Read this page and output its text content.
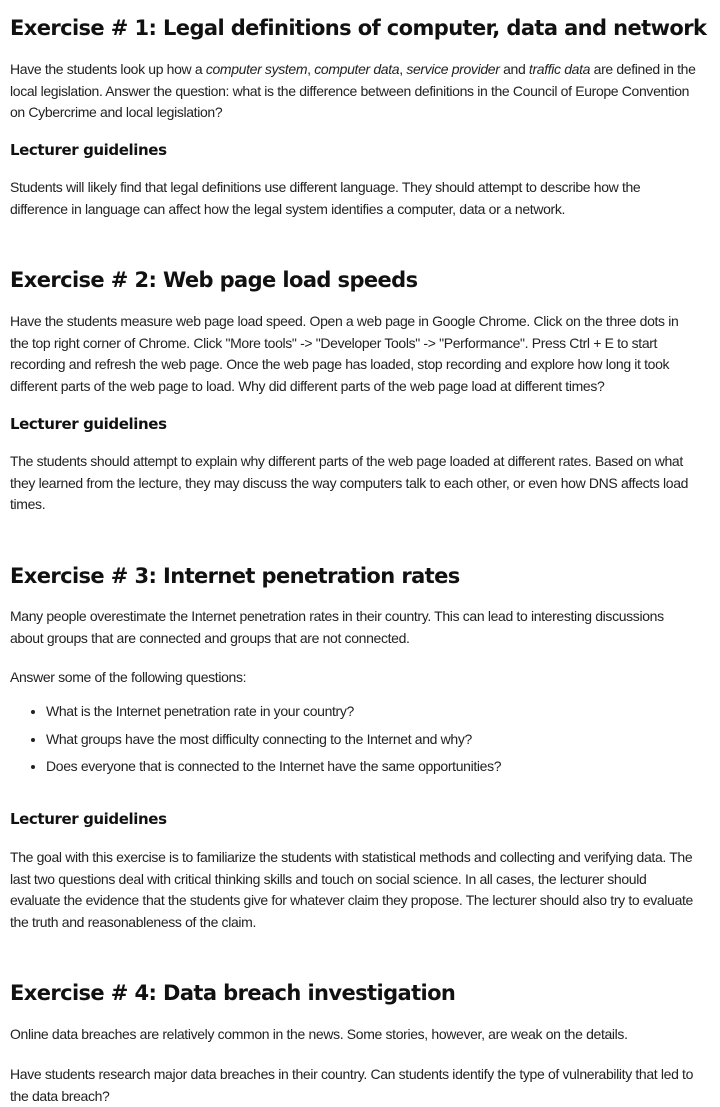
Exercise # 1: Legal definitions of computer, data and network

Have the students look up how a computer system, computer data, service provider and traffic data are defined in the local legislation. Answer the question: what is the difference between definitions in the Council of Europe Convention on Cybercrime and local legislation?

Lecturer guidelines

Students will likely find that legal definitions use different language. They should attempt to describe how the difference in language can affect how the legal system identifies a computer, data or a network.

Exercise # 2: Web page load speeds

Have the students measure web page load speed. Open a web page in Google Chrome. Click on the three dots in the top right corner of Chrome. Click "More tools" -> "Developer Tools" -> "Performance". Press Ctrl + E to start recording and refresh the web page. Once the web page has loaded, stop recording and explore how long it took different parts of the web page to load. Why did different parts of the web page load at different times?

Lecturer guidelines

The students should attempt to explain why different parts of the web page loaded at different rates. Based on what they learned from the lecture, they may discuss the way computers talk to each other, or even how DNS affects load times.

Exercise # 3: Internet penetration rates

Many people overestimate the Internet penetration rates in their country. This can lead to interesting discussions about groups that are connected and groups that are not connected.

Answer some of the following questions:

• What is the Internet penetration rate in your country?
• What groups have the most difficulty connecting to the Internet and why?
• Does everyone that is connected to the Internet have the same opportunities?
Lecturer guidelines

The goal with this exercise is to familiarize the students with statistical methods and collecting and verifying data. The last two questions deal with critical thinking skills and touch on social science. In all cases, the lecturer should evaluate the evidence that the students give for whatever claim they propose. The lecturer should also try to evaluate the truth and reasonableness of the claim.

Exercise # 4: Data breach investigation

Online data breaches are relatively common in the news. Some stories, however, are weak on the details.

Have students research major data breaches in their country. Can students identify the type of vulnerability that led to the data breach?
